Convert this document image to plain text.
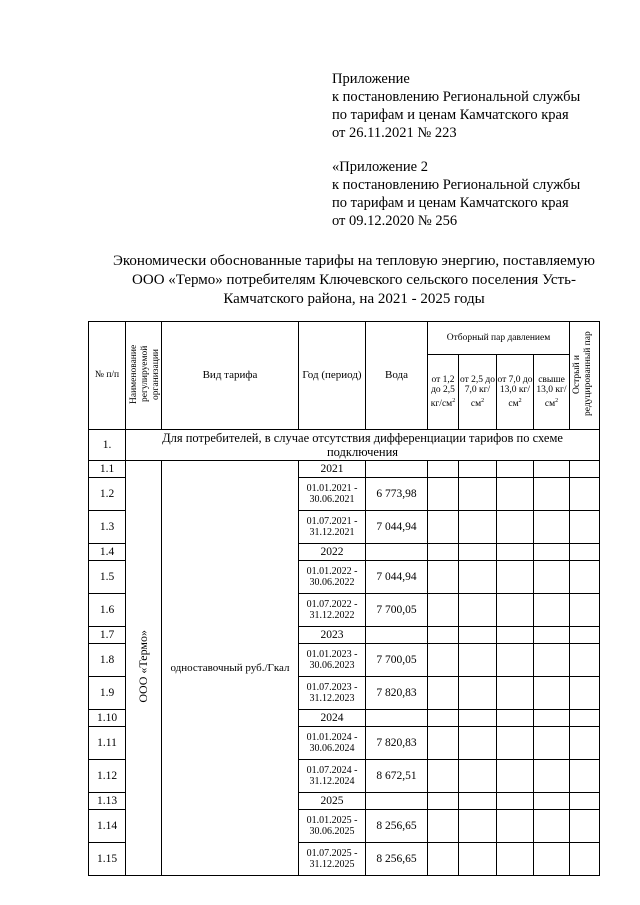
Приложение
к постановлению Региональной службы
по тарифам и ценам Камчатского края
от 26.11.2021 № 223
«Приложение 2
к постановлению Региональной службы
по тарифам и ценам Камчатского края
от 09.12.2020 № 256
Экономически обоснованные тарифы на тепловую энергию, поставляемую
ООО «Термо» потребителям Ключевского сельского поселения Усть-
Камчатского района, на 2021 - 2025 годы
№ п/п	Наименование регулируемой организации	Вид тарифа	Год (период)	Вода	Отборный пар давлением				Острый и редуцированный пар
					от 1,2 до 2,5 $кг/см^2$	от 2,5 до 7,0 $кг/см^2$	от 7,0 до 13,0 $кг/см^2$	свыше 13,0 $кг/см^2$
1.	Для потребителей, в случае отсутствия дифференциации тарифов по схеме подключения								
1.1	ООО «Термо»	одноставочный руб./Гкал	2021						
1.2			01.01.2021 - 30.06.2021	6 773,98					
1.3			01.07.2021 - 31.12.2021	7 044,94					
1.4			2022						
1.5			01.01.2022 - 30.06.2022	7 044,94					
1.6			01.07.2022 - 31.12.2022	7 700,05					
1.7			2023						
1.8			01.01.2023 - 30.06.2023	7 700,05					
1.9			01.07.2023 - 31.12.2023	7 820,83					
1.10			2024						
1.11			01.01.2024 - 30.06.2024	7 820,83					
1.12			01.07.2024 - 31.12.2024	8 672,51					
1.13			2025						
1.14			01.01.2025 - 30.06.2025	8 256,65					
1.15			01.07.2025 - 31.12.2025	8 256,65					
